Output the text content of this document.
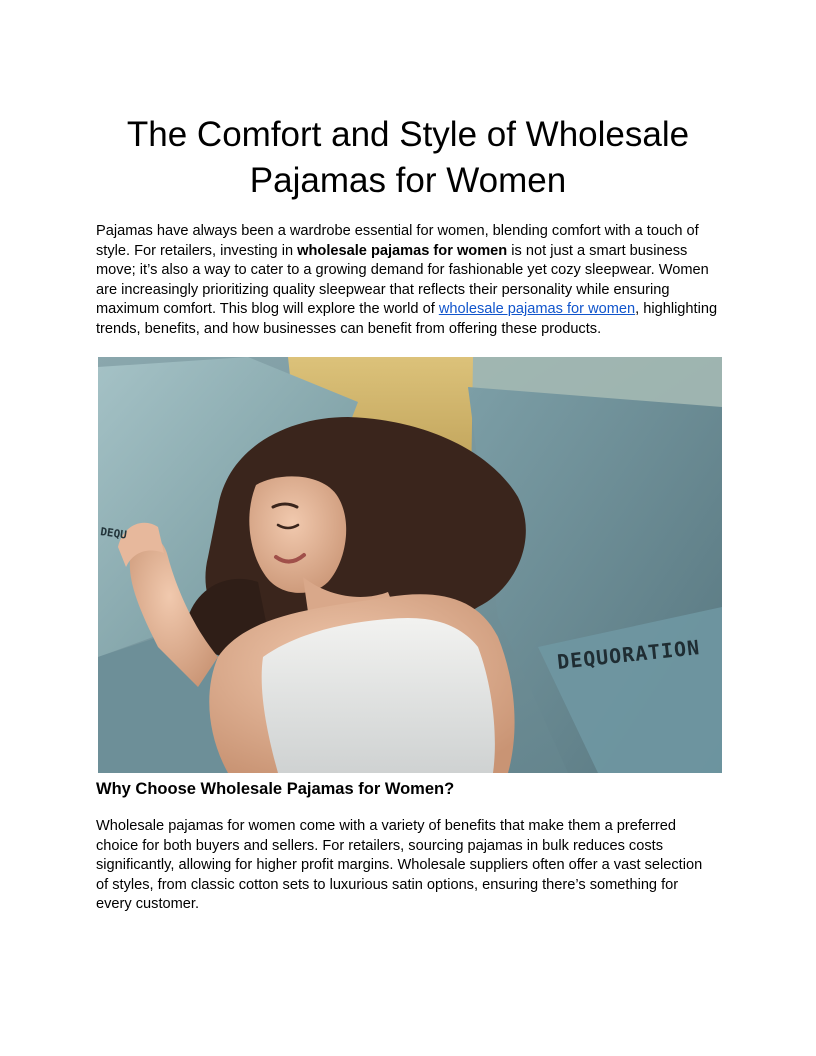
The Comfort and Style of Wholesale
Pajamas for Women

Pajamas have always been a wardrobe essential for women, blending comfort with a touch of style. For retailers, investing in wholesale pajamas for women is not just a smart business move; it’s also a way to cater to a growing demand for fashionable yet cozy sleepwear. Women are increasingly prioritizing quality sleepwear that reflects their personality while ensuring maximum comfort. This blog will explore the world of wholesale pajamas for women, highlighting trends, benefits, and how businesses can benefit from offering these products.

DEQUORATION
DEQU
Why Choose Wholesale Pajamas for Women?

Wholesale pajamas for women come with a variety of benefits that make them a preferred choice for both buyers and sellers. For retailers, sourcing pajamas in bulk reduces costs significantly, allowing for higher profit margins. Wholesale suppliers often offer a vast selection of styles, from classic cotton sets to luxurious satin options, ensuring there’s something for every customer.
